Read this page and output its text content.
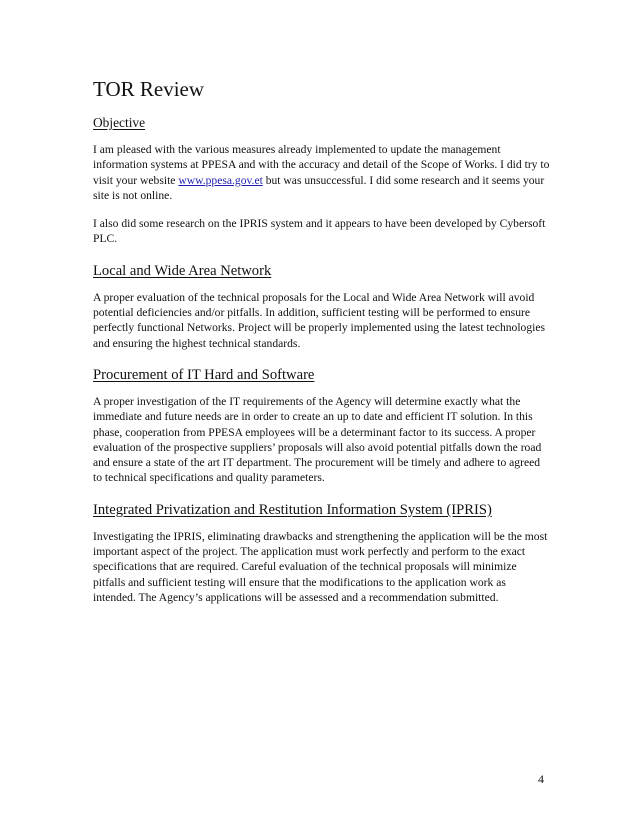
TOR Review
Objective

I am pleased with the various measures already implemented to update the management information systems at PPESA and with the accuracy and detail of the Scope of Works. I did try to visit your website www.ppesa.gov.et but was unsuccessful. I did some research and it seems your site is not online.

I also did some research on the IPRIS system and it appears to have been developed by Cybersoft PLC.

Local and Wide Area Network

A proper evaluation of the technical proposals for the Local and Wide Area Network will avoid potential deficiencies and/or pitfalls. In addition, sufficient testing will be performed to ensure perfectly functional Networks. Project will be properly implemented using the latest technologies and ensuring the highest technical standards.

Procurement of IT Hard and Software

A proper investigation of the IT requirements of the Agency will determine exactly what the immediate and future needs are in order to create an up to date and efficient IT solution. In this phase, cooperation from PPESA employees will be a determinant factor to its success. A proper evaluation of the prospective suppliers’ proposals will also avoid potential pitfalls down the road and ensure a state of the art IT department. The procurement will be timely and adhere to agreed to technical specifications and quality parameters.

Integrated Privatization and Restitution Information System (IPRIS)

Investigating the IPRIS, eliminating drawbacks and strengthening the application will be the most important aspect of the project. The application must work perfectly and perform to the exact specifications that are required. Careful evaluation of the technical proposals will minimize pitfalls and sufficient testing will ensure that the modifications to the application work as intended. The Agency’s applications will be assessed and a recommendation submitted.

4
